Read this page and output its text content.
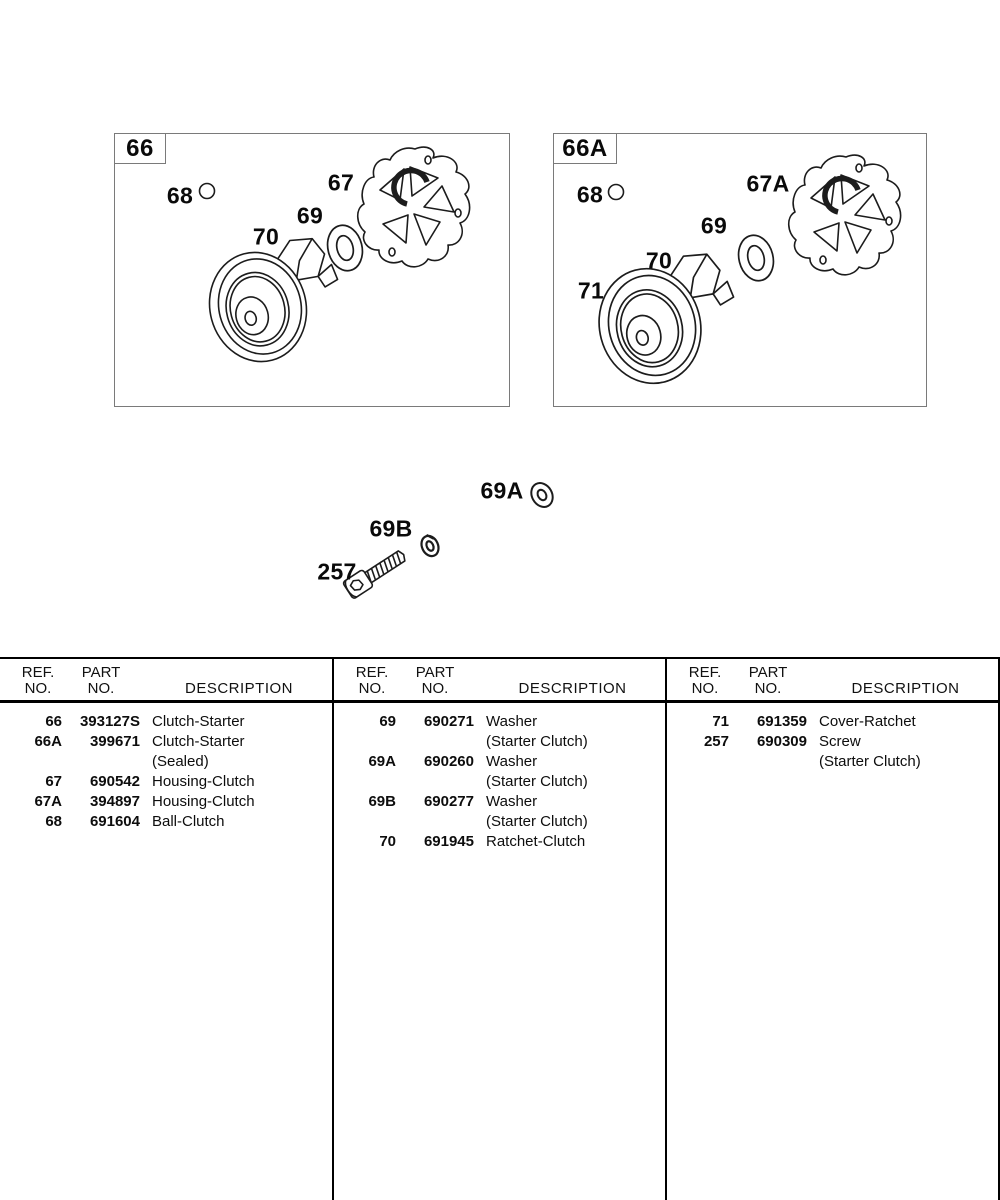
66	66A
68	67
69
70
68	67A
69
70
71
69A
69B
257
REF.
NO.
PART
NO.	DESCRIPTION
66	393127S Clutch-Starter
66A	399671 Clutch-Starter
(Sealed)
67	690542 Housing-Clutch
67A	394897 Housing-Clutch
68	691604 Ball-Clutch
REF.
NO.
PART
NO.	DESCRIPTION
69	690271 Washer
(Starter Clutch)
69A	690260 Washer
(Starter Clutch)
69B	690277 Washer
(Starter Clutch)
70	691945 Ratchet-Clutch
REF.
NO.
PART
NO.	DESCRIPTION
71	691359 Cover-Ratchet
257	690309 Screw
(Starter Clutch)
